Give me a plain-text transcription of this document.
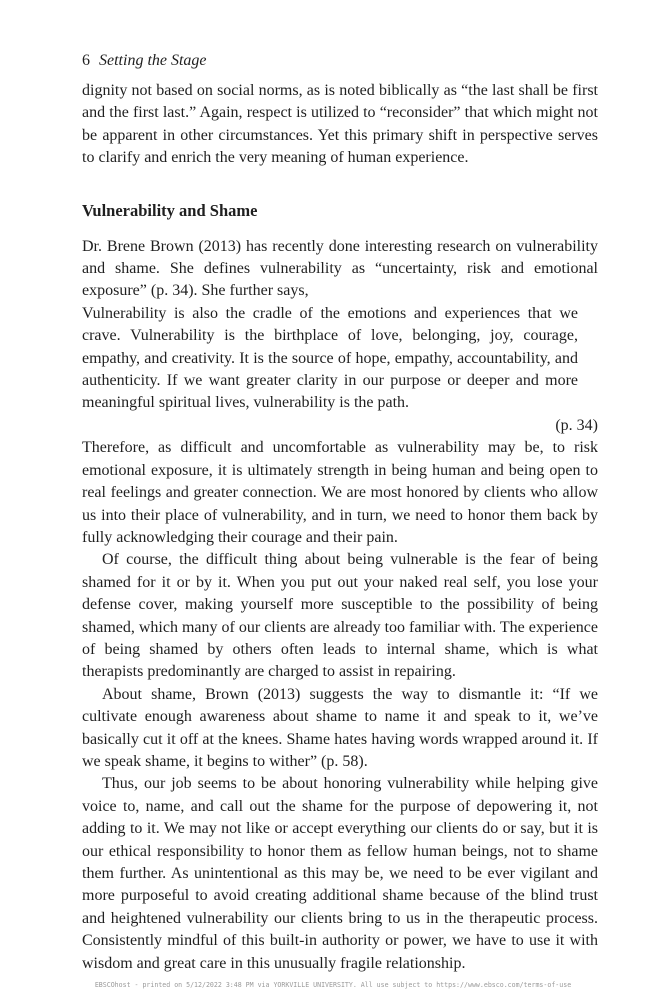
6 Setting the Stage

dignity not based on social norms, as is noted biblically as “the last shall be first and the first last.” Again, respect is utilized to “reconsider” that which might not be apparent in other circumstances. Yet this primary shift in perspective serves to clarify and enrich the very meaning of human experience.

Vulnerability and Shame

Dr. Brene Brown (2013) has recently done interesting research on vulnerability and shame. She defines vulnerability as “uncertainty, risk and emotional exposure” (p. 34). She further says,

Vulnerability is also the cradle of the emotions and experiences that we crave. Vulnerability is the birthplace of love, belonging, joy, courage, empathy, and creativity. It is the source of hope, empathy, accountability, and authenticity. If we want greater clarity in our purpose or deeper and more meaningful spiritual lives, vulnerability is the path.

(p. 34)

Therefore, as difficult and uncomfortable as vulnerability may be, to risk emotional exposure, it is ultimately strength in being human and being open to real feelings and greater connection. We are most honored by clients who allow us into their place of vulnerability, and in turn, we need to honor them back by fully acknowledging their courage and their pain.

Of course, the difficult thing about being vulnerable is the fear of being shamed for it or by it. When you put out your naked real self, you lose your defense cover, making yourself more susceptible to the possibility of being shamed, which many of our clients are already too familiar with. The experience of being shamed by others often leads to internal shame, which is what therapists predominantly are charged to assist in repairing.

About shame, Brown (2013) suggests the way to dismantle it: “If we cultivate enough awareness about shame to name it and speak to it, we’ve basically cut it off at the knees. Shame hates having words wrapped around it. If we speak shame, it begins to wither” (p. 58).

Thus, our job seems to be about honoring vulnerability while helping give voice to, name, and call out the shame for the purpose of depowering it, not adding to it. We may not like or accept everything our clients do or say, but it is our ethical responsibility to honor them as fellow human beings, not to shame them further. As unintentional as this may be, we need to be ever vigilant and more purposeful to avoid creating additional shame because of the blind trust and heightened vulnerability our clients bring to us in the therapeutic process. Consistently mindful of this built-in authority or power, we have to use it with wisdom and great care in this unusually fragile relationship.

EBSCOhost - printed on 5/12/2022 3:48 PM via YORKVILLE UNIVERSITY. All use subject to https://www.ebsco.com/terms-of-use
